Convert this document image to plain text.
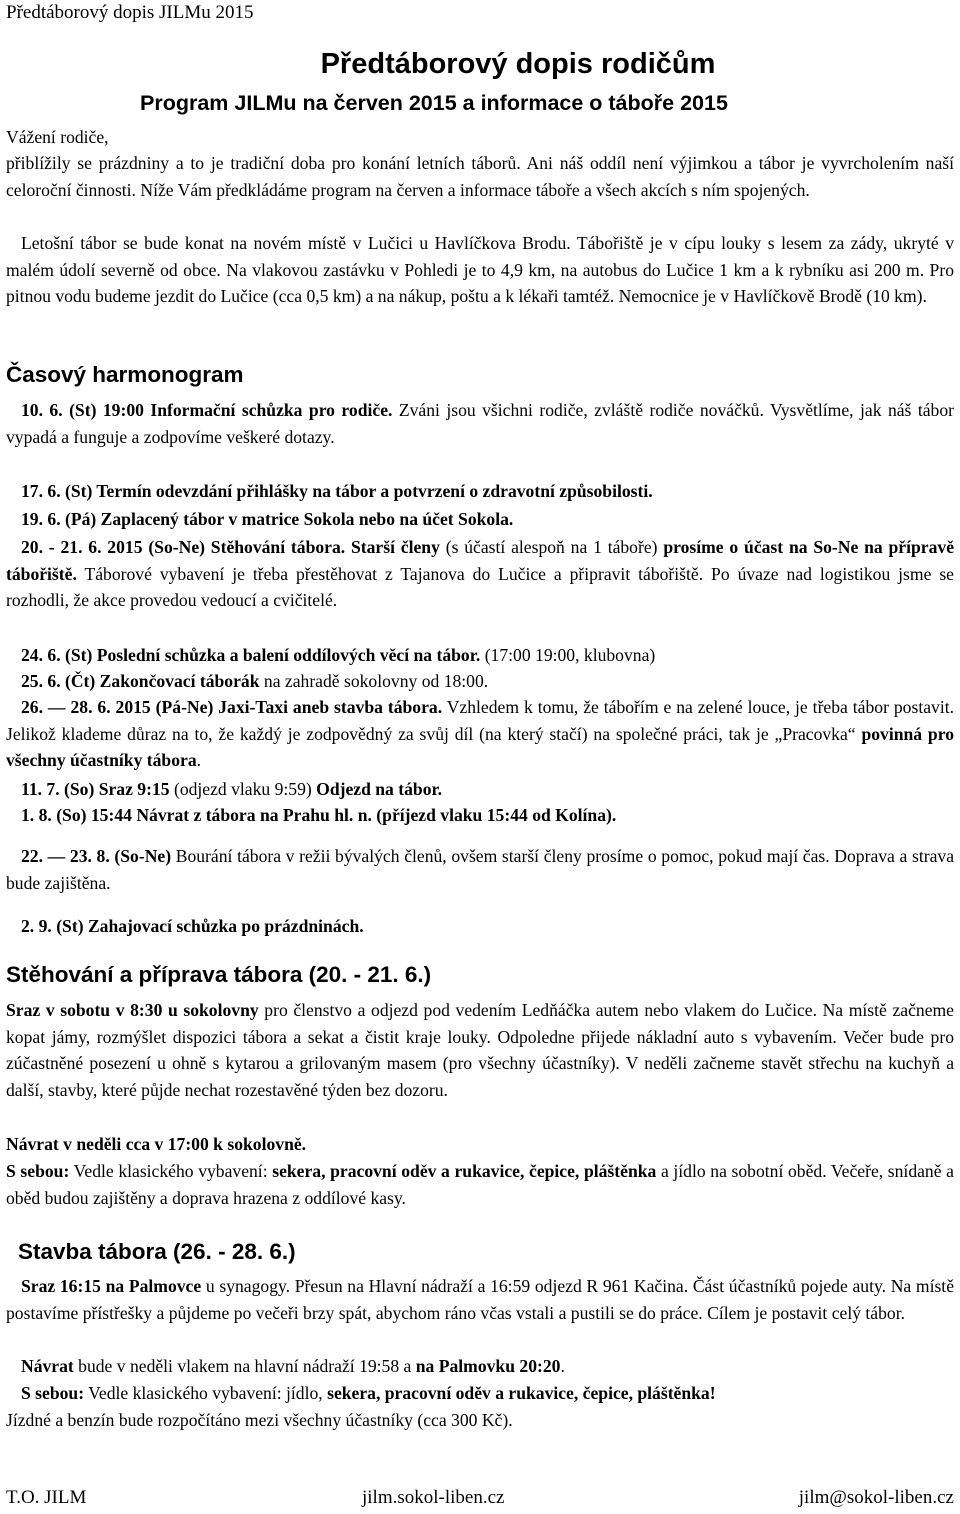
Předtáborový dopis JILMu 2015
Předtáborový dopis rodičům
Program JILMu na červen 2015 a informace o táboře 2015
Vážení rodiče,
přiblížily se prázdniny a to je tradiční doba pro konání letních táborů. Ani náš oddíl není výjimkou a tábor je vyvrcholením naší celoroční činnosti. Níže Vám předkládáme program na červen a informace táboře a všech akcích s ním spojených.
Letošní tábor se bude konat na novém místě v Lučici u Havlíčkova Brodu. Tábořiště je v cípu louky s lesem za zády, ukryté v malém údolí severně od obce. Na vlakovou zastávku v Pohledi je to 4,9 km, na autobus do Lučice 1 km a k rybníku asi 200 m. Pro pitnou vodu budeme jezdit do Lučice (cca 0,5 km) a na nákup, poštu a k lékaři tamtéž. Nemocnice je v Havlíčkově Brodě (10 km).
Časový harmonogram
10. 6. (St) 19:00 Informační schůzka pro rodiče. Zváni jsou všichni rodiče, zvláště rodiče nováčků. Vysvětlíme, jak náš tábor vypadá a funguje a zodpovíme veškeré dotazy.
17. 6. (St) Termín odevzdání přihlášky na tábor a potvrzení o zdravotní způsobilosti.
19. 6. (Pá) Zaplacený tábor v matrice Sokola nebo na účet Sokola.
20. - 21. 6. 2015 (So-Ne) Stěhování tábora. Starší členy (s účastí alespoň na 1 táboře) prosíme o účast na So-Ne na přípravě tábořiště. Táborové vybavení je třeba přestěhovat z Tajanova do Lučice a připravit tábořiště. Po úvaze nad logistikou jsme se rozhodli, že akce provedou vedoucí a cvičitelé.
24. 6. (St) Poslední schůzka a balení oddílových věcí na tábor. (17:00 19:00, klubovna)
25. 6. (Čt) Zakončovací táborák na zahradě sokolovny od 18:00.
26. — 28. 6. 2015 (Pá-Ne) Jaxi-Taxi aneb stavba tábora. Vzhledem k tomu, že tábořím e na zelené louce, je třeba tábor postavit. Jelikož klademe důraz na to, že každý je zodpovědný za svůj díl (na který stačí) na společné práci, tak je „Pracovka“ povinná pro všechny účastníky tábora.
11. 7. (So) Sraz 9:15 (odjezd vlaku 9:59) Odjezd na tábor.
1. 8. (So) 15:44 Návrat z tábora na Prahu hl. n. (příjezd vlaku 15:44 od Kolína).
22. — 23. 8. (So-Ne) Bourání tábora v režii bývalých členů, ovšem starší členy prosíme o pomoc, pokud mají čas. Doprava a strava bude zajištěna.
2. 9. (St) Zahajovací schůzka po prázdninách.
Stěhování a příprava tábora (20. - 21. 6.)
Sraz v sobotu v 8:30 u sokolovny pro členstvo a odjezd pod vedením Ledňáčka autem nebo vlakem do Lučice. Na místě začneme kopat jámy, rozmýšlet dispozici tábora a sekat a čistit kraje louky. Odpoledne přijede nákladní auto s vybavením. Večer bude pro zúčastněné posezení u ohně s kytarou a grilovaným masem (pro všechny účastníky). V neděli začneme stavět střechu na kuchyň a další, stavby, které půjde nechat rozestavěné týden bez dozoru.
Návrat v neděli cca v 17:00 k sokolovně.
S sebou: Vedle klasického vybavení: sekera, pracovní oděv a rukavice, čepice, pláštěnka a jídlo na sobotní oběd. Večeře, snídaně a oběd budou zajištěny a doprava hrazena z oddílové kasy.
Stavba tábora (26. - 28. 6.)
Sraz 16:15 na Palmovce u synagogy. Přesun na Hlavní nádraží a 16:59 odjezd R 961 Kačina. Část účastníků pojede auty. Na místě postavíme přístřešky a půjdeme po večeři brzy spát, abychom ráno včas vstali a pustili se do práce. Cílem je postavit celý tábor.
Návrat bude v neděli vlakem na hlavní nádraží 19:58 a na Palmovku 20:20.
S sebou: Vedle klasického vybavení: jídlo, sekera, pracovní oděv a rukavice, čepice, pláštěnka!
Jízdné a benzín bude rozpočítáno mezi všechny účastníky (cca 300 Kč).
T.O. JILM	jilm.sokol-liben.cz	jilm@sokol-liben.cz
